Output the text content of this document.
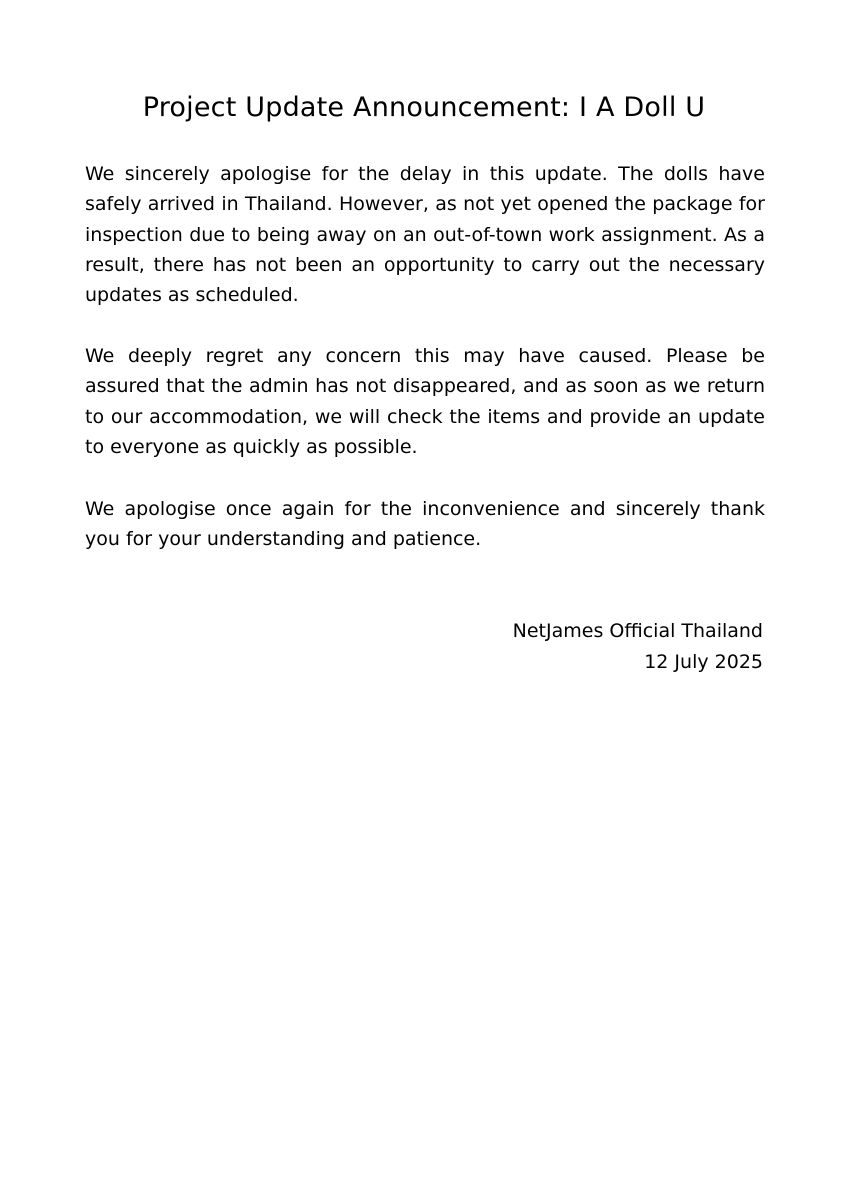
Project Update Announcement: I A Doll U

We sincerely apologise for the delay in this update. The dolls have safely arrived in Thailand. However, as not yet opened the package for inspection due to being away on an out-of-town work assignment. As a result, there has not been an opportunity to carry out the necessary updates as scheduled.

We deeply regret any concern this may have caused. Please be assured that the admin has not disappeared, and as soon as we return to our accommodation, we will check the items and provide an update to everyone as quickly as possible.

We apologise once again for the inconvenience and sincerely thank you for your understanding and patience.

NetJames Official Thailand
12 July 2025
